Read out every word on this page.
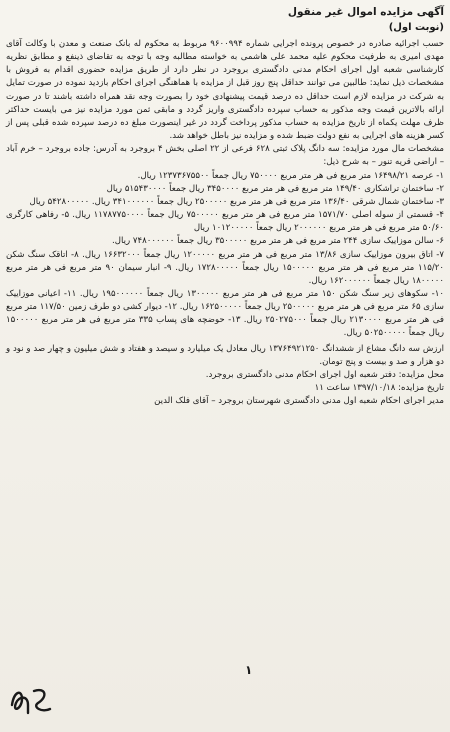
آگهی مزایده اموال غیر منقول
(نوبت اول)

حسب اجرائیه صادره در خصوص پرونده اجرایی شماره ۹۶۰۰۹۹۴ مربوط به محکوم له بانک صنعت و معدن با وکالت آقای مهدی امیری به طرفیت محکوم علیه محمد علی هاشمی به خواسته مطالبه وجه با توجه به تقاضای ذینفع و مطابق نظریه کارشناسی شعبه اول اجرای احکام مدنی دادگستری بروجرد در نظر دارد از طریق مزایده حضوری اقدام به فروش با مشخصات ذیل نماید: طالبین می توانند حداقل پنج روز قبل از مزایده با هماهنگی اجرای احکام بازدید نموده در صورت تمایل به شرکت در مزایده لازم است حداقل ده درصد قیمت پیشنهادی خود را بصورت وجه نقد همراه داشته باشند تا در صورت ارائه بالاترین قیمت وجه مذکور به حساب سپرده دادگستری واریز گردد و مابقی ثمن مورد مزایده نیز می بایست حداکثر ظرف مهلت یکماه از تاریخ مزایده به حساب مذکور پرداخت گردد در غیر اینصورت مبلغ ده درصد سپرده شده قبلی پس از کسر هزینه های اجرایی به نفع دولت ضبط شده و مزایده نیز باطل خواهد شد.

مشخصات مال مورد مزایده: سه دانگ پلاک ثبتی ۶۲۸ فرعی از ۲۲ اصلی بخش ۴ بروجرد به آدرس: جاده بروجرد – خرم آباد – اراضی قریه تنور – به شرح ذیل:

۱- عرصه ۱۶۴۹۸/۲۱ متر مربع فی هر متر مربع ۷۵۰۰۰۰ ریال جمعاً ۱۲۳۷۳۶۷۵۵۰۰ ریال.

۲- ساختمان تراشکاری ۱۴۹/۴۰ متر مربع فی هر متر مربع ۳۴۵۰۰۰۰ ریال جمعاً ۵۱۵۴۳۰۰۰۰ ریال

۳- ساختمان شمال شرقی ۱۳۶/۴۰ متر مربع فی هر متر مربع ۲۵۰۰۰۰۰ ریال جمعاً ۳۴۱۰۰۰۰۰۰ ریال. ۵۴۲۸۰۰۰۰۰ ریال

۴- قسمتی از سوله اصلی ۱۵۷۱/۷۰ متر مربع فی هر متر مربع ۷۵۰۰۰۰۰ ریال جمعاً ۱۱۷۸۷۷۵۰۰۰۰ ریال. ۵- رفاهی کارگری ۵۰/۶۰ متر مربع فی هر متر مربع ۲۰۰۰۰۰۰ ریال جمعاً ۱۰۱۲۰۰۰۰۰ ریال

۶- سالن موزاییک سازی ۲۴۴ متر مربع فی هر متر مربع ۳۵۰۰۰۰۰ ریال جمعاً ۷۴۸۰۰۰۰۰۰ ریال.

۷- اتاق بیرون موزاییک سازی ۱۳/۸۶ متر مربع فی هر متر مربع ۱۲۰۰۰۰۰ ریال جمعاً ۱۶۶۳۲۰۰۰ ریال. ۸- اتاقک سنگ شکن ۱۱۵/۲۰ متر مربع فی هر متر مربع ۱۵۰۰۰۰۰ ریال جمعاً ۱۷۲۸۰۰۰۰۰ ریال. ۹- انبار سیمان ۹۰ متر مربع فی هر متر مربع ۱۸۰۰۰۰۰ ریال جمعاً ۱۶۲۰۰۰۰۰۰ ریال.

۱۰- سکوهای زیر سنگ شکن ۱۵۰ متر مربع فی هر متر مربع ۱۳۰۰۰۰۰ ریال جمعاً ۱۹۵۰۰۰۰۰۰ ریال. ۱۱- اعیانی موزاییک سازی ۶۵ متر مربع فی هر متر مربع ۲۵۰۰۰۰۰ ریال جمعاً ۱۶۲۵۰۰۰۰۰ ریال. ۱۲- دیوار کشی دو طرف زمین ۱۱۷/۵۰ متر مربع فی هر متر مربع ۲۱۳۰۰۰۰ ریال جمعاً ۲۵۰۲۷۵۰۰۰ ریال. ۱۳- حوضچه های پساب ۳۳۵ متر مربع فی هر متر مربع ۱۵۰۰۰۰۰ ریال جمعاً ۵۰۲۵۰۰۰۰۰ ریال.

ارزش سه دانگ مشاع از ششدانگ ۱۳۷۶۴۹۲۱۲۵۰ ریال معادل یک میلیارد و سیصد و هفتاد و شش میلیون و چهار صد و نود و دو هزار و صد و بیست و پنج تومان.

محل مزایده: دفتر شعبه اول اجرای احکام مدنی دادگستری بروجرد.

تاریخ مزایده: ۱۳۹۷/۱۰/۱۸ ساعت ۱۱

مدیر اجرای احکام شعبه اول مدنی دادگستری شهرستان بروجرد – آقای فلک الدین

۱
